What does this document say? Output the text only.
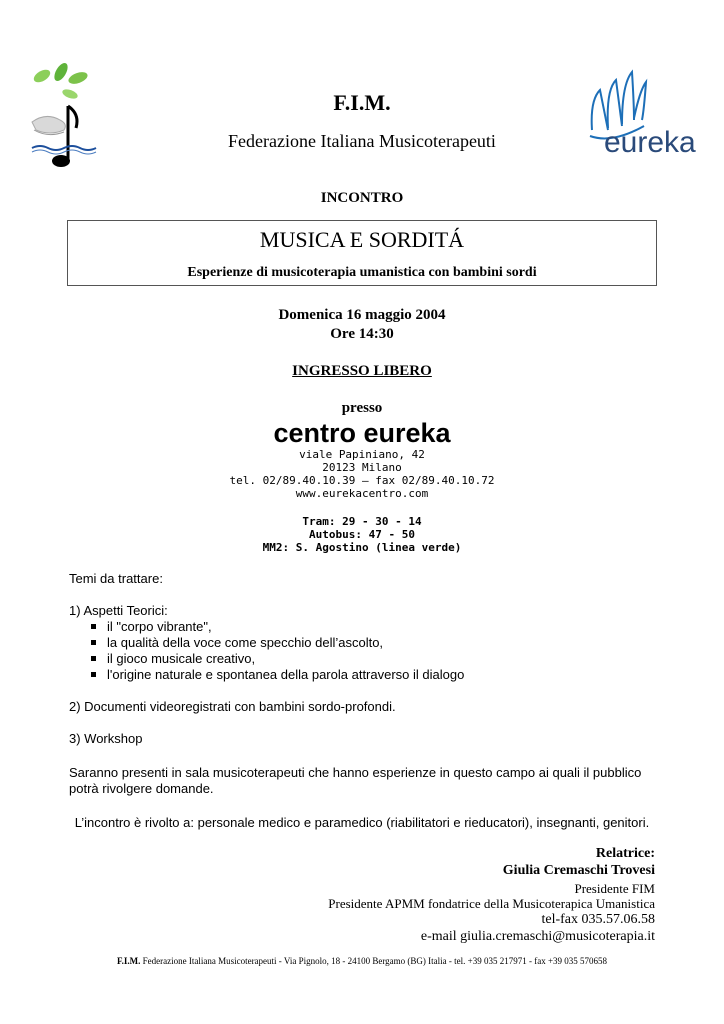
eureka
F.I.M.
Federazione Italiana Musicoterapeuti
INCONTRO
MUSICA E SORDITÁ
Esperienze di musicoterapia umanistica con bambini sordi
Domenica 16 maggio 2004
Ore 14:30
INGRESSO LIBERO
presso
centro eureka
viale Papiniano, 42
20123 Milano
tel. 02/89.40.10.39 – fax 02/89.40.10.72
www.eurekacentro.com
Tram: 29 - 30 - 14
Autobus: 47 - 50
MM2: S. Agostino (linea verde)
Temi da trattare:
1) Aspetti Teorici:
il "corpo vibrante",
la qualità della voce come specchio dell’ascolto,
il gioco musicale creativo,
l'origine naturale e spontanea della parola attraverso il dialogo
2) Documenti videoregistrati con bambini sordo-profondi.
3) Workshop
Saranno presenti in sala musicoterapeuti che hanno esperienze in questo campo ai quali il pubblico potrà rivolgere domande.
L’incontro è rivolto a: personale medico e paramedico (riabilitatori e rieducatori), insegnanti, genitori.
Relatrice:
Giulia Cremaschi Trovesi
Presidente FIM
Presidente APMM fondatrice della Musicoterapica Umanistica
tel-fax 035.57.06.58
e-mail giulia.cremaschi@musicoterapia.it
F.I.M. Federazione Italiana Musicoterapeuti - Via Pignolo, 18 - 24100 Bergamo (BG) Italia - tel. +39 035 217971 - fax +39 035 570658
